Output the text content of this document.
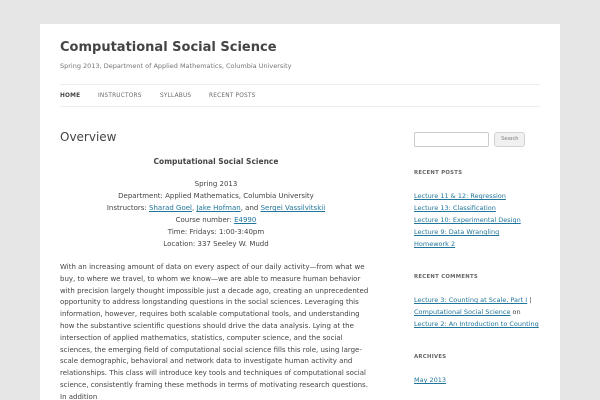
Computational Social Science
Spring 2013, Department of Applied Mathematics, Columbia University
HOME	INSTRUCTORS	SYLLABUS	RECENT POSTS
Overview
Computational Social Science
Spring 2013
Department: Applied Mathematics, Columbia University
Instructors: Sharad Goel, Jake Hofman, and Sergei Vassilvitskii
Course number: E4990
Time: Fridays: 1:00-3:40pm
Location: 337 Seeley W. Mudd

With an increasing amount of data on every aspect of our daily activity—from what we buy, to where we travel, to whom we know—we are able to measure human behavior with precision largely thought impossible just a decade ago, creating an unprecedented opportunity to address longstanding questions in the social sciences. Leveraging this information, however, requires both scalable computational tools, and understanding how the substantive scientific questions should drive the data analysis. Lying at the intersection of applied mathematics, statistics, computer science, and the social sciences, the emerging field of computational social science fills this role, using large-scale demographic, behavioral and network data to investigate human activity and relationships. This class will introduce key tools and techniques of computational social science, consistently framing these methods in terms of motivating research questions. In addition

Search
RECENT POSTS
Lecture 11 & 12: Regression
Lecture 13: Classification
Lecture 10: Experimental Design
Lecture 9: Data Wrangling
Homework 2
RECENT COMMENTS
Lecture 3: Counting at Scale, Part I |
Computational Social Science on
Lecture 2: An Introduction to Counting
ARCHIVES
May 2013
